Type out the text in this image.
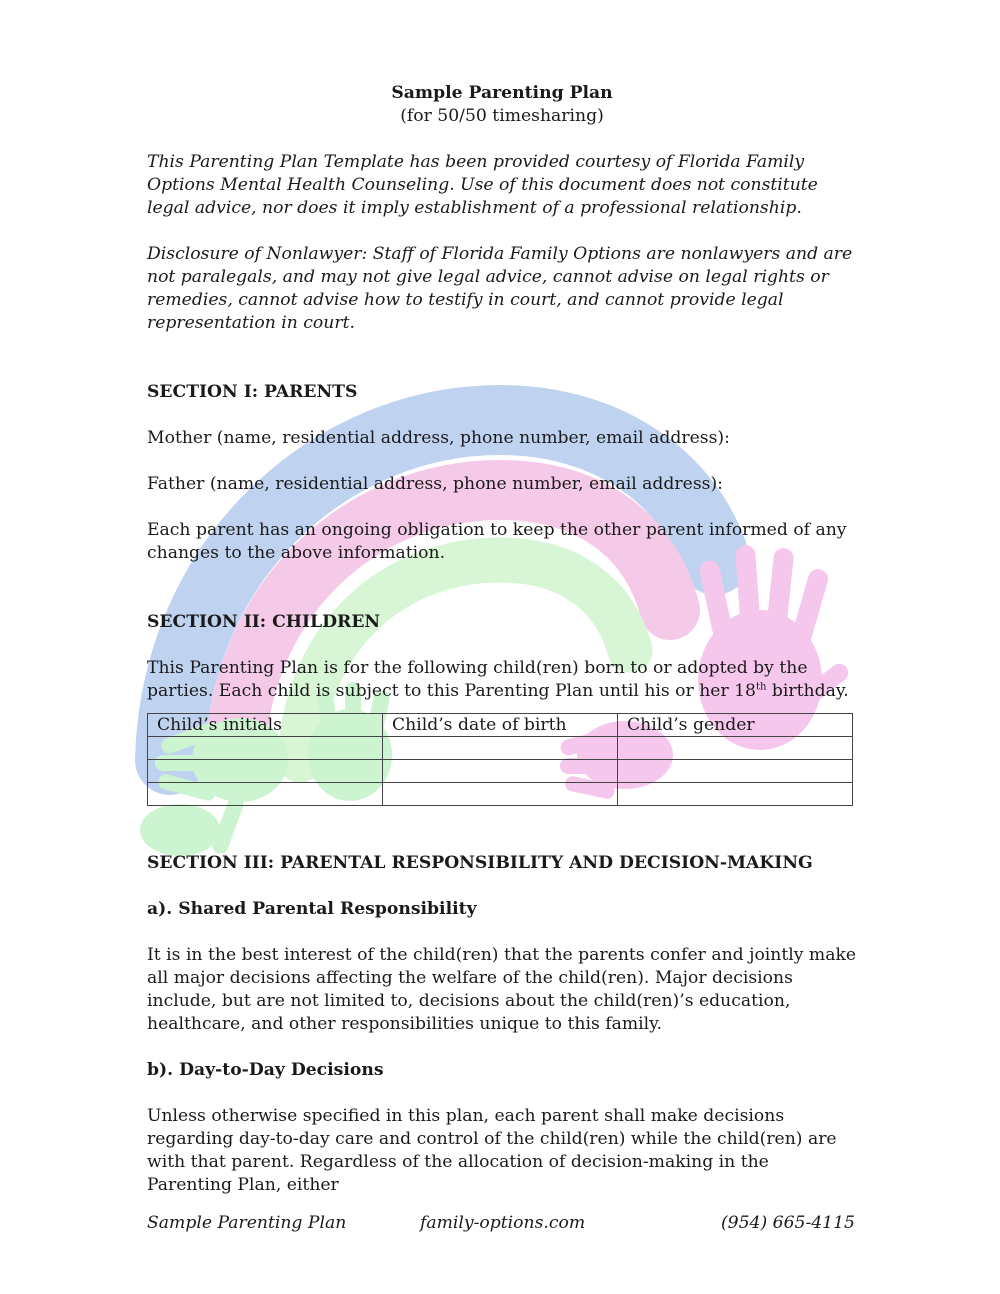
Sample Parenting Plan

(for 50/50 timesharing)

This Parenting Plan Template has been provided courtesy of Florida Family Options Mental Health Counseling. Use of this document does not constitute legal advice, nor does it imply establishment of a professional relationship.

Disclosure of Nonlawyer: Staff of Florida Family Options are nonlawyers and are not paralegals, and may not give legal advice, cannot advise on legal rights or remedies, cannot advise how to testify in court, and cannot provide legal representation in court.

SECTION I: PARENTS

Mother (name, residential address, phone number, email address):

Father (name, residential address, phone number, email address):

Each parent has an ongoing obligation to keep the other parent informed of any changes to the above information.

SECTION II: CHILDREN

This Parenting Plan is for the following child(ren) born to or adopted by the parties. Each child is subject to this Parenting Plan until his or her 18th birthday.

Child’s initials	Child’s date of birth	Child’s gender

SECTION III: PARENTAL RESPONSIBILITY AND DECISION-MAKING

a). Shared Parental Responsibility

It is in the best interest of the child(ren) that the parents confer and jointly make all major decisions affecting the welfare of the child(ren). Major decisions include, but are not limited to, decisions about the child(ren)’s education, healthcare, and other responsibilities unique to this family.

b). Day-to-Day Decisions

Unless otherwise specified in this plan, each parent shall make decisions regarding day-to-day care and control of the child(ren) while the child(ren) are with that parent. Regardless of the allocation of decision-making in the Parenting Plan, either

Sample Parenting Plan	family-options.com	(954) 665-4115
